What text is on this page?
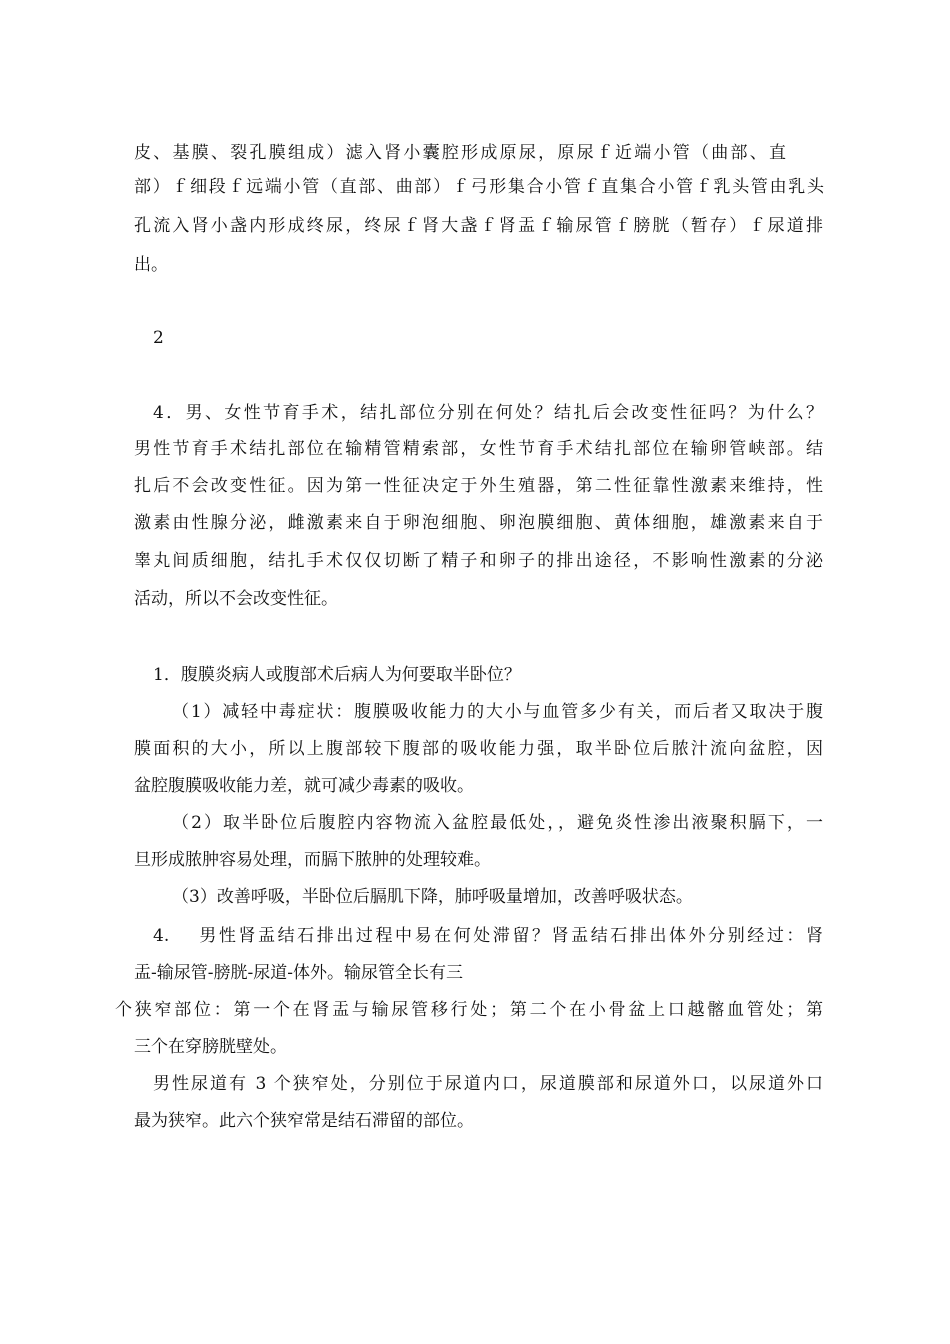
皮、基膜、裂孔膜组成）滤入肾小囊腔形成原尿，原尿ｆ近端小管（曲部、直

部）ｆ细段ｆ远端小管（直部、曲部）ｆ弓形集合小管ｆ直集合小管ｆ乳头管由乳头

孔流入肾小盏内形成终尿，终尿ｆ肾大盏ｆ肾盂ｆ输尿管ｆ膀胱（暂存）ｆ尿道排

出。

2

4．男、女性节育手术，结扎部位分别在何处？结扎后会改变性征吗？为什么？

男性节育手术结扎部位在输精管精索部，女性节育手术结扎部位在输卵管峡部。结

扎后不会改变性征。因为第一性征决定于外生殖器，第二性征靠性激素来维持，性

激素由性腺分泌，雌激素来自于卵泡细胞、卵泡膜细胞、黄体细胞，雄激素来自于

睾丸间质细胞，结扎手术仅仅切断了精子和卵子的排出途径，不影响性激素的分泌

活动，所以不会改变性征。

1．腹膜炎病人或腹部术后病人为何要取半卧位？

（1）减轻中毒症状：腹膜吸收能力的大小与血管多少有关，而后者又取决于腹

膜面积的大小，所以上腹部较下腹部的吸收能力强，取半卧位后脓汁流向盆腔，因

盆腔腹膜吸收能力差，就可减少毒素的吸收。

（2）取半卧位后腹腔内容物流入盆腔最低处，，避免炎性渗出液聚积膈下，一

旦形成脓肿容易处理，而膈下脓肿的处理较难。

（3）改善呼吸，半卧位后膈肌下降，肺呼吸量增加，改善呼吸状态。

4.　 男性肾盂结石排出过程中易在何处滞留？肾盂结石排出体外分别经过：肾

盂-输尿管-膀胱-尿道-体外。输尿管全长有三

个狭窄部位：第一个在肾盂与输尿管移行处；第二个在小骨盆上口越髂血管处；第

三个在穿膀胱壁处。

男性尿道有 3 个狭窄处，分别位于尿道内口，尿道膜部和尿道外口，以尿道外口

最为狭窄。此六个狭窄常是结石滞留的部位。
